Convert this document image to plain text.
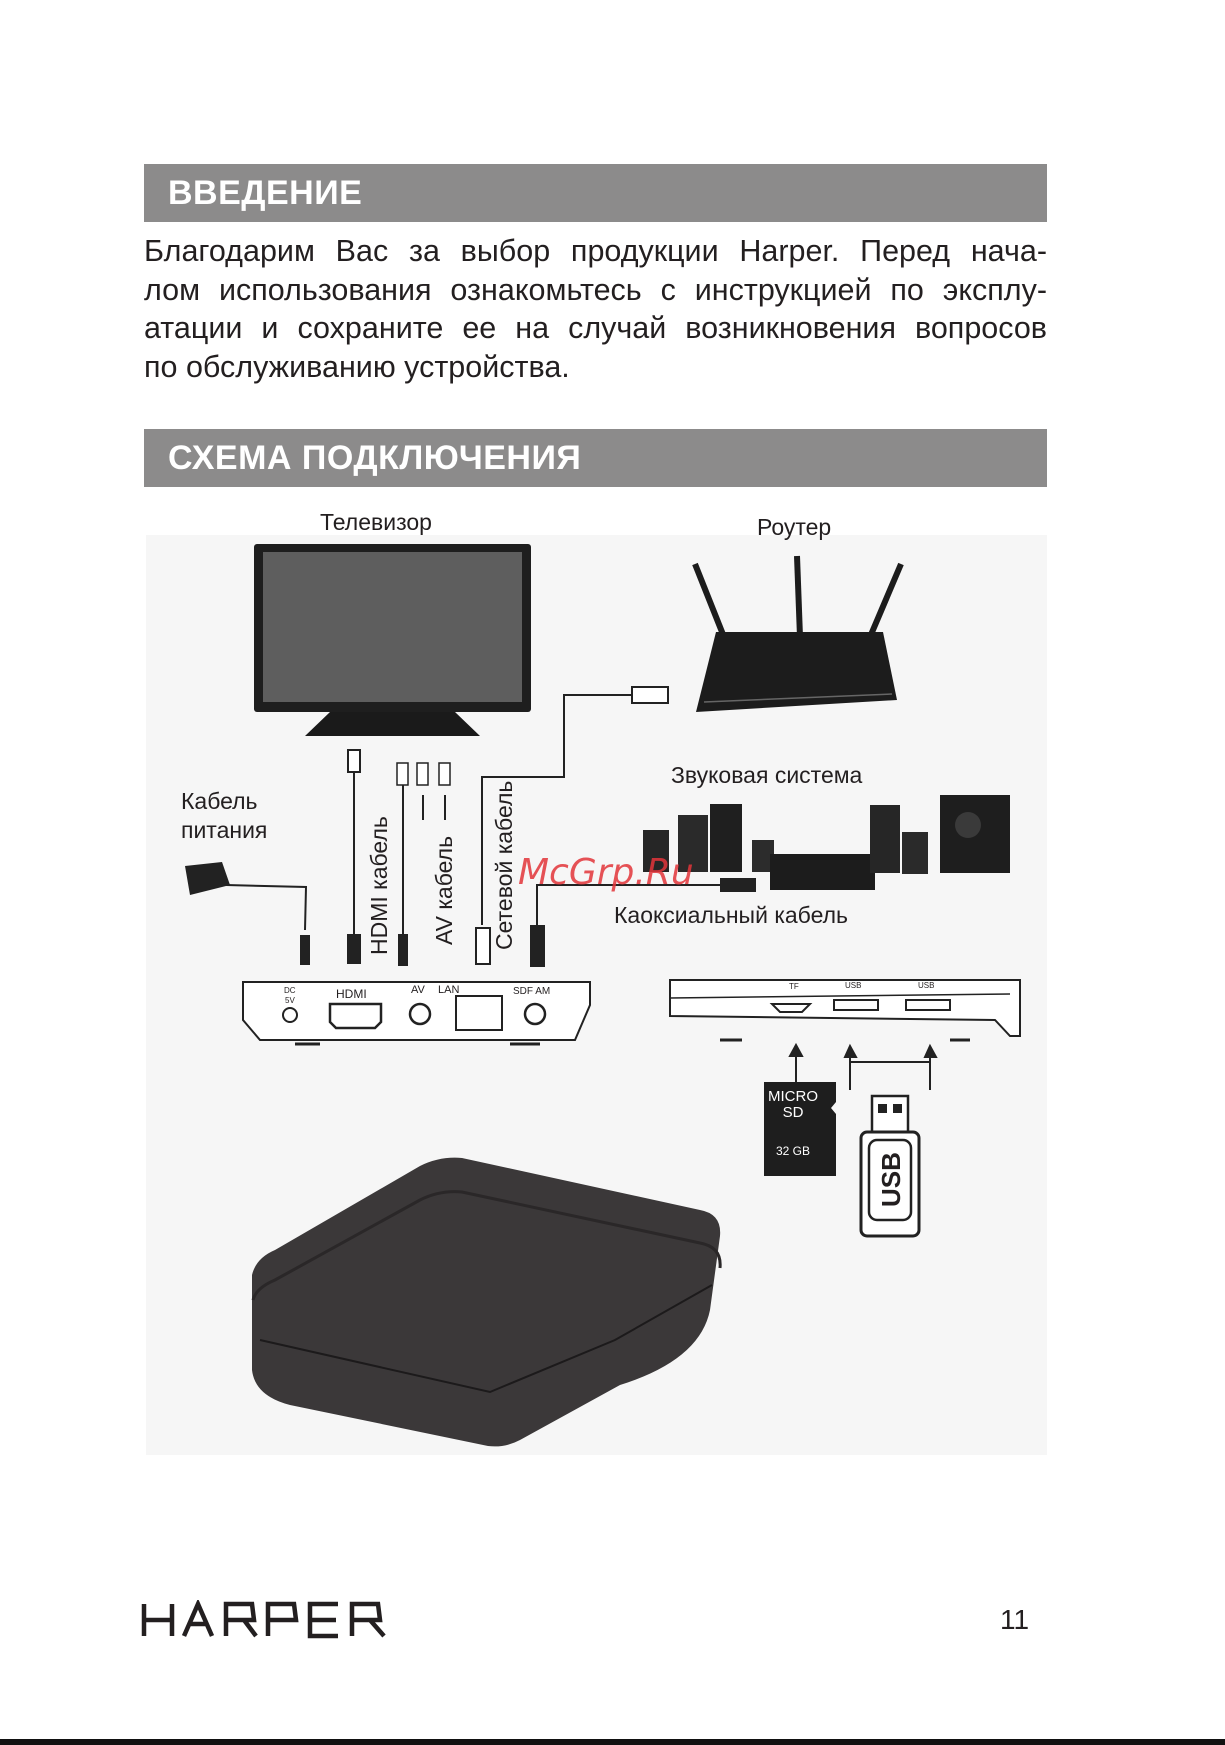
ВВЕДЕНИЕ
Благодарим Вас за выбор продукции Harper. Перед нача-
лом использования ознакомьтесь с инструкцией по эксплу-
атации и сохраните ее на случай возникновения вопросов
по обслуживанию устройства.
СХЕМА ПОДКЛЮЧЕНИЯ
Телевизор	Роутер
Звуковая система
Кабель
питания	HDMI кабель AV кабель Сетевой кабель	Каоксиальный кабель
DC
5V	HDMI	AV LAN	SDF AM	TF	USB	USB
MICRO
SD
32 GB
USB
McGrp.Ru
11
